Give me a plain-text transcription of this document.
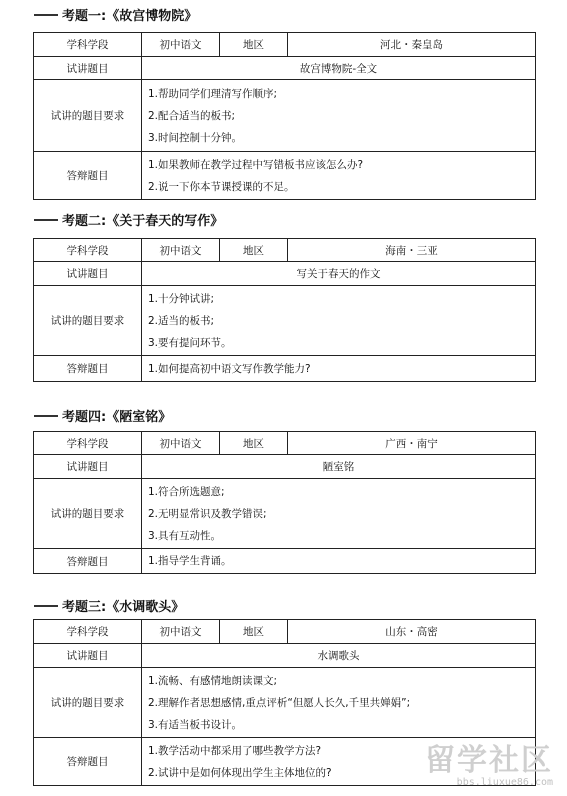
考题一:《故宫博物院》
学科学段	初中语文	地区	河北・秦皇岛
试讲题目	故宫博物院-全文		
试讲的题目要求	1.帮助同学们理清写作顺序;
2.配合适当的板书;
3.时间控制十分钟。		

答辩题目	1.如果教师在教学过程中写错板书应该怎么办?
2.说一下你本节课授课的不足。		
考题二:《关于春天的写作》
学科学段	初中语文	地区	海南・三亚
试讲题目	写关于春天的作文		
试讲的题目要求	1.十分钟试讲;
2.适当的板书;
3.要有提问环节。		

答辩题目	1.如何提高初中语文写作教学能力?		
考题四:《陋室铭》
学科学段	初中语文	地区	广西・南宁
试讲题目	陋室铭		
试讲的题目要求	1.符合所选题意;
2.无明显常识及教学错误;
3.具有互动性。		

答辩题目	1.指导学生背诵。		
考题三:《水调歌头》
学科学段	初中语文	地区	山东・高密
试讲题目	水调歌头		
试讲的题目要求	1.流畅、有感情地朗读课文;
2.理解作者思想感情,重点评析“但愿人长久,千里共婵娟”;
3.有适当板书设计。		

答辩题目	1.教学活动中都采用了哪些教学方法?
2.试讲中是如何体现出学生主体地位的?			留学社区
bbs.liuxue86.com
